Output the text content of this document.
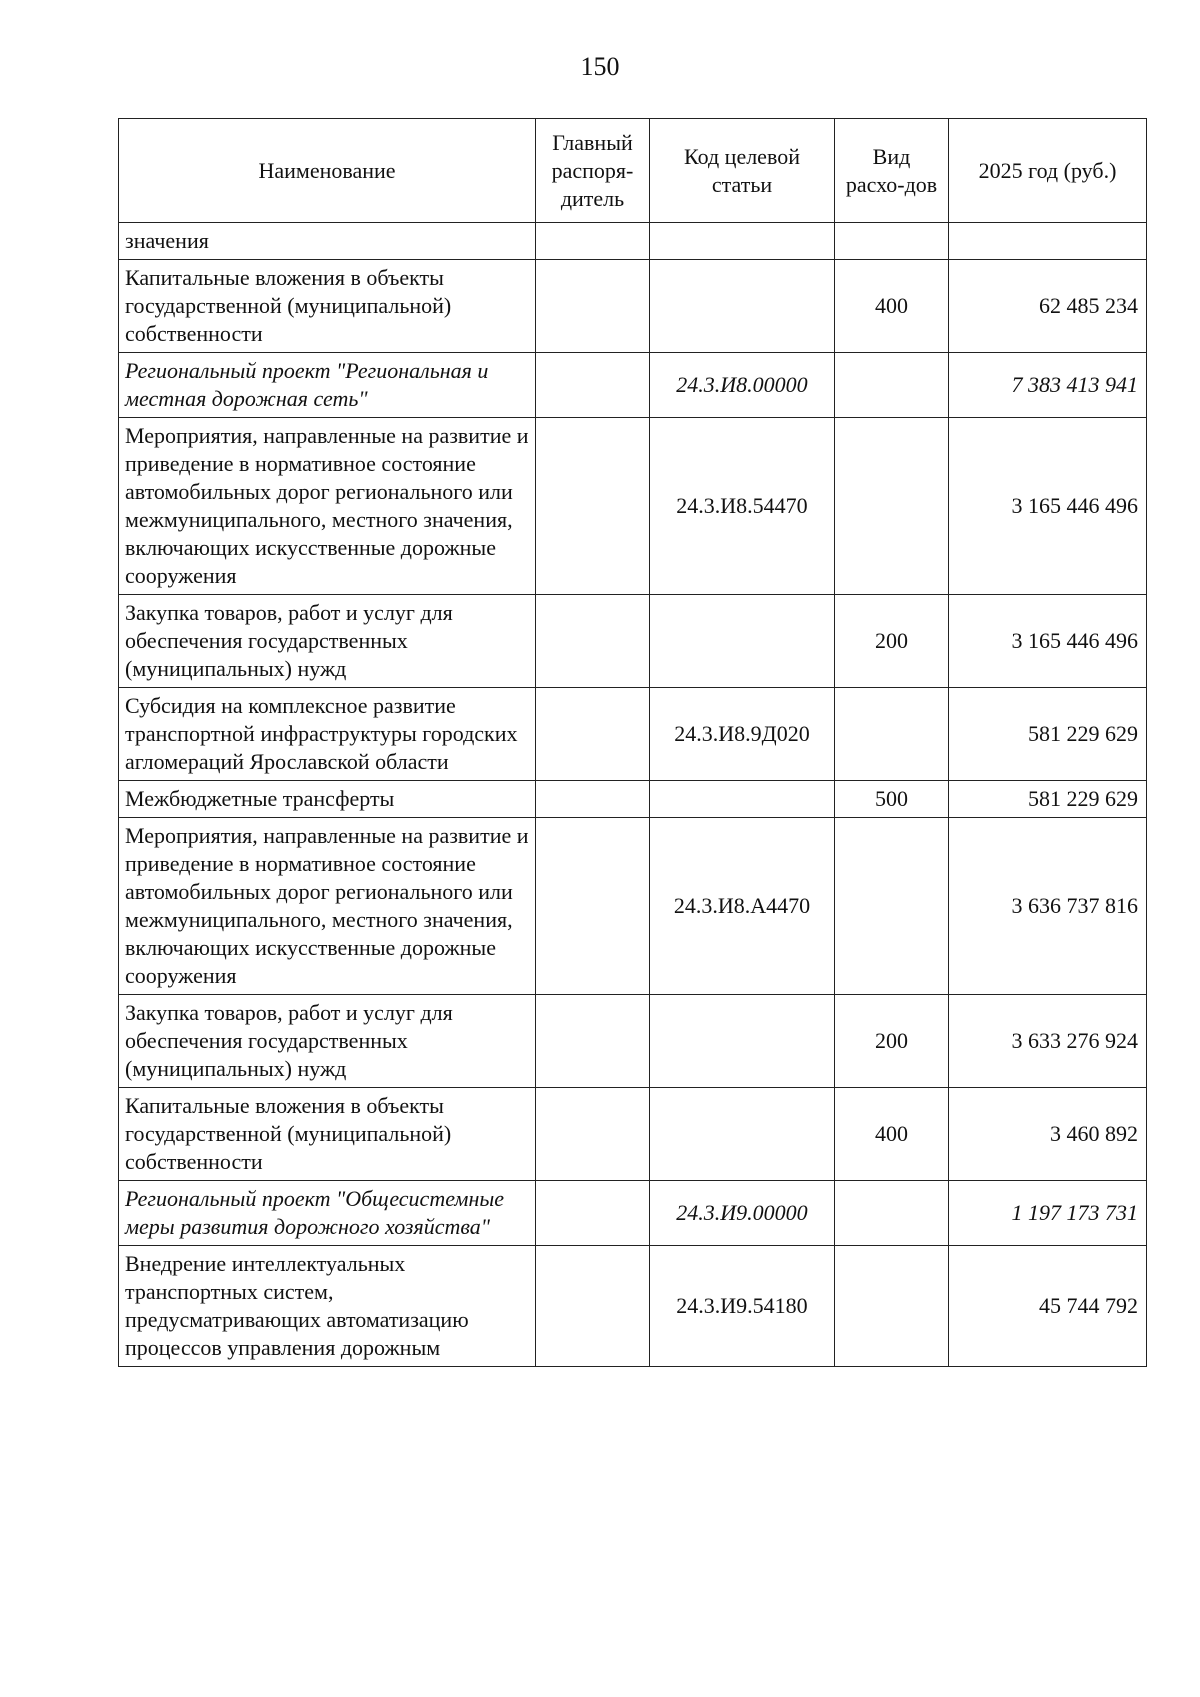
150
Наименование	Главный распоря-дитель	Код целевой статьи	Вид расхо-дов	2025 год (руб.)
значения				
Капитальные вложения в объекты государственной (муниципальной) собственности			400	62 485 234
Региональный проект "Региональная и местная дорожная сеть"		24.3.И8.00000		7 383 413 941
Мероприятия, направленные на развитие и приведение в нормативное состояние автомобильных дорог регионального или межмуниципального, местного значения, включающих искусственные дорожные сооружения		24.3.И8.54470		3 165 446 496
Закупка товаров, работ и услуг для обеспечения государственных (муниципальных) нужд			200	3 165 446 496
Субсидия на комплексное развитие транспортной инфраструктуры городских агломераций Ярославской области		24.3.И8.9Д020		581 229 629
Межбюджетные трансферты			500	581 229 629
Мероприятия, направленные на развитие и приведение в нормативное состояние автомобильных дорог регионального или межмуниципального, местного значения, включающих искусственные дорожные сооружения		24.3.И8.А4470		3 636 737 816
Закупка товаров, работ и услуг для обеспечения государственных (муниципальных) нужд			200	3 633 276 924
Капитальные вложения в объекты государственной (муниципальной) собственности			400	3 460 892
Региональный проект "Общесистемные меры развития дорожного хозяйства"		24.3.И9.00000		1 197 173 731
Внедрение интеллектуальных транспортных систем, предусматривающих автоматизацию процессов управления дорожным		24.3.И9.54180		45 744 792
